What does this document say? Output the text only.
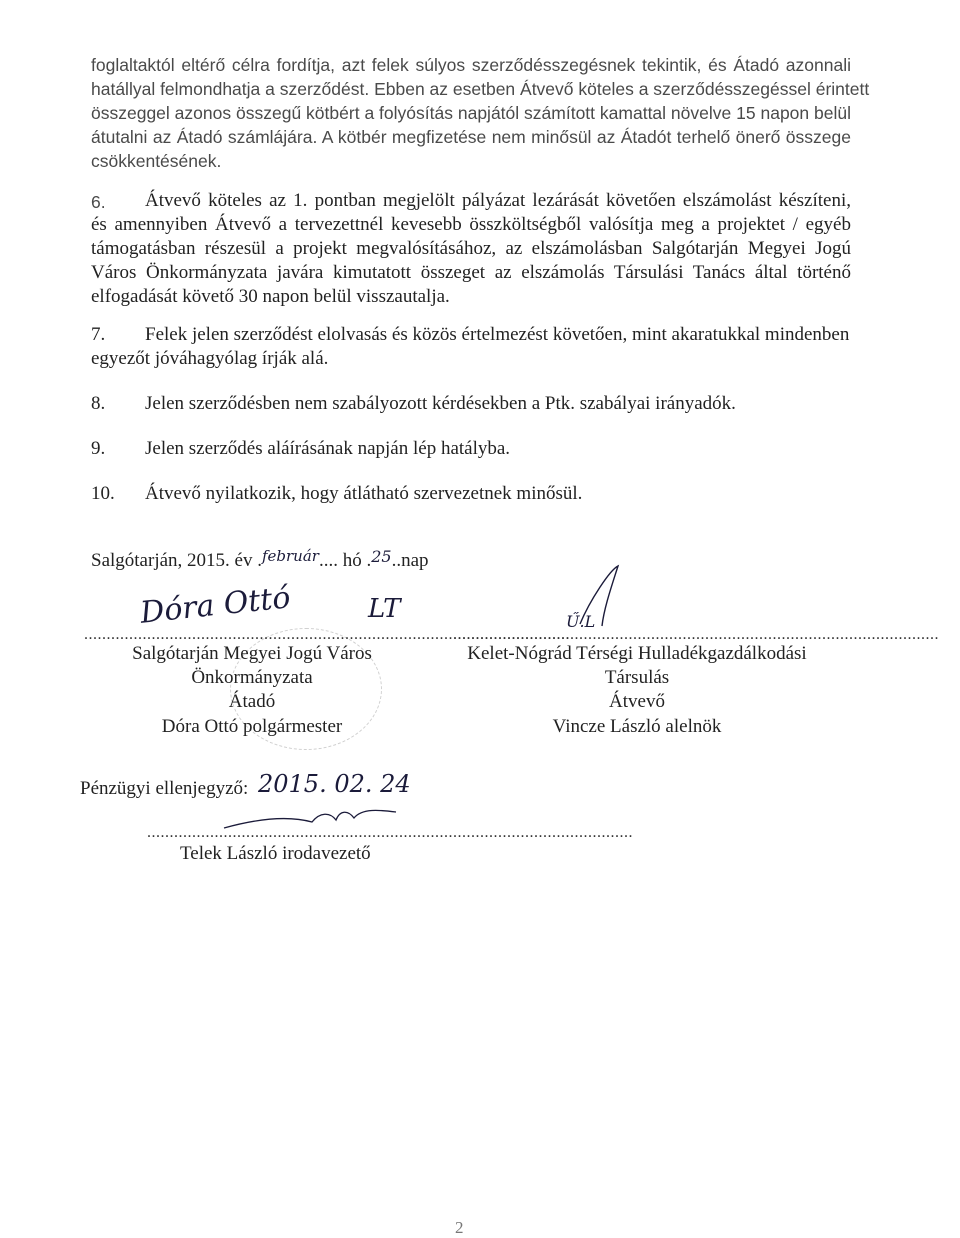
foglaltaktól eltérő célra fordítja, azt felek súlyos szerződésszegésnek tekintik, és Átadó azonnali
hatállyal felmondhatja a szerződést. Ebben az esetben Átvevő köteles a szerződésszegéssel érintett
összeggel azonos összegű kötbért a folyósítás napjától számított kamattal növelve 15 napon belül
átutalni az Átadó számlájára. A kötbér megfizetése nem minősül az Átadót terhelő önerő összege
csökkentésének.
6. Átvevő köteles az 1. pontban megjelölt pályázat lezárását követően elszámolást készíteni,
és amennyiben Átvevő a tervezettnél kevesebb összköltségből valósítja meg a projektet / egyéb
támogatásban részesül a projekt megvalósításához, az elszámolásban Salgótarján Megyei Jogú
Város Önkormányzata javára kimutatott összeget az elszámolás Társulási Tanács által történő
elfogadását követő 30 napon belül visszautalja.
7. Felek jelen szerződést elolvasás és közös értelmezést követően, mint akaratukkal mindenben
egyezőt jóváhagyólag írják alá.
8. Jelen szerződésben nem szabályozott kérdésekben a Ptk. szabályai irányadók.
9. Jelen szerződés aláírásának napján lép hatályba.
10. Átvevő nyilatkozik, hogy átlátható szervezetnek minősül.
Salgótarján, 2015. év .$^{február}$.... hó .$^{25}$..nap
Dóra Ottó	LT
............................................................................................................
Salgótarján Megyei Jogú Város
Önkormányzata
Átadó
Dóra Ottó polgármester
Ű.L
............................................................................................................
Kelet-Nógrád Térségi Hulladékgazdálkodási
Társulás
Átvevő
Vincze László alelnök
Pénzügyi ellenjegyző: 2015. 02. 24
............................................................................................................
Telek László irodavezető
2
